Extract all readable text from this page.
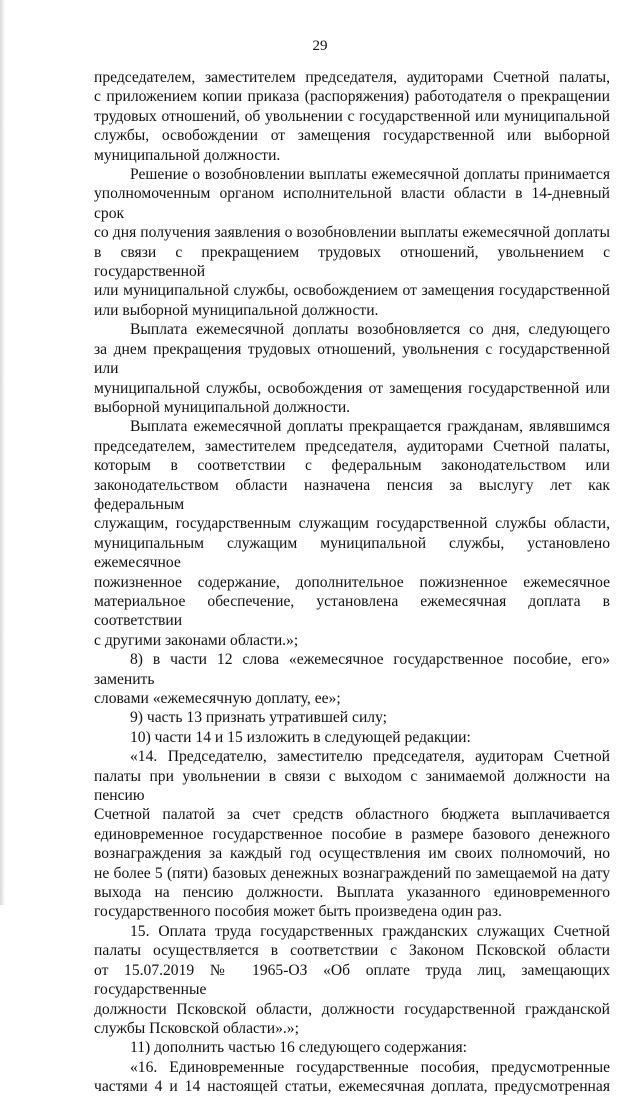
29

председателем, заместителем председателя, аудиторами Счетной палаты,

с приложением копии приказа (распоряжения) работодателя о прекращении

трудовых отношений, об увольнении с государственной или муниципальной

службы, освобождении от замещения государственной или выборной

муниципальной должности.

Решение о возобновлении выплаты ежемесячной доплаты принимается

уполномоченным органом исполнительной власти области в 14-дневный срок

со дня получения заявления о возобновлении выплаты ежемесячной доплаты

в связи с прекращением трудовых отношений, увольнением с государственной

или муниципальной службы, освобождением от замещения государственной

или выборной муниципальной должности.

Выплата ежемесячной доплаты возобновляется со дня, следующего

за днем прекращения трудовых отношений, увольнения с государственной или

муниципальной службы, освобождения от замещения государственной или

выборной муниципальной должности.

Выплата ежемесячной доплаты прекращается гражданам, являвшимся

председателем, заместителем председателя, аудиторами Счетной палаты,

которым в соответствии с федеральным законодательством или

законодательством области назначена пенсия за выслугу лет как федеральным

служащим, государственным служащим государственной службы области,

муниципальным служащим муниципальной службы, установлено ежемесячное

пожизненное содержание, дополнительное пожизненное ежемесячное

материальное обеспечение, установлена ежемесячная доплата в соответствии

с другими законами области.»;

8) в части 12 слова «ежемесячное государственное пособие, его» заменить

словами «ежемесячную доплату, ее»;

9) часть 13 признать утратившей силу;

10) части 14 и 15 изложить в следующей редакции:

«14. Председателю, заместителю председателя, аудиторам Счетной

палаты при увольнении в связи с выходом с занимаемой должности на пенсию

Счетной палатой за счет средств областного бюджета выплачивается

единовременное государственное пособие в размере базового денежного

вознаграждения за каждый год осуществления им своих полномочий, но

не более 5 (пяти) базовых денежных вознаграждений по замещаемой на дату

выхода на пенсию должности. Выплата указанного единовременного

государственного пособия может быть произведена один раз.

15. Оплата труда государственных гражданских служащих Счетной

палаты осуществляется в соответствии с Законом Псковской области

от 15.07.2019 № 1965-ОЗ «Об оплате труда лиц, замещающих государственные

должности Псковской области, должности государственной гражданской

службы Псковской области».»;

11) дополнить частью 16 следующего содержания:

«16. Единовременные государственные пособия, предусмотренные

частями 4 и 14 настоящей статьи, ежемесячная доплата, предусмотренная
